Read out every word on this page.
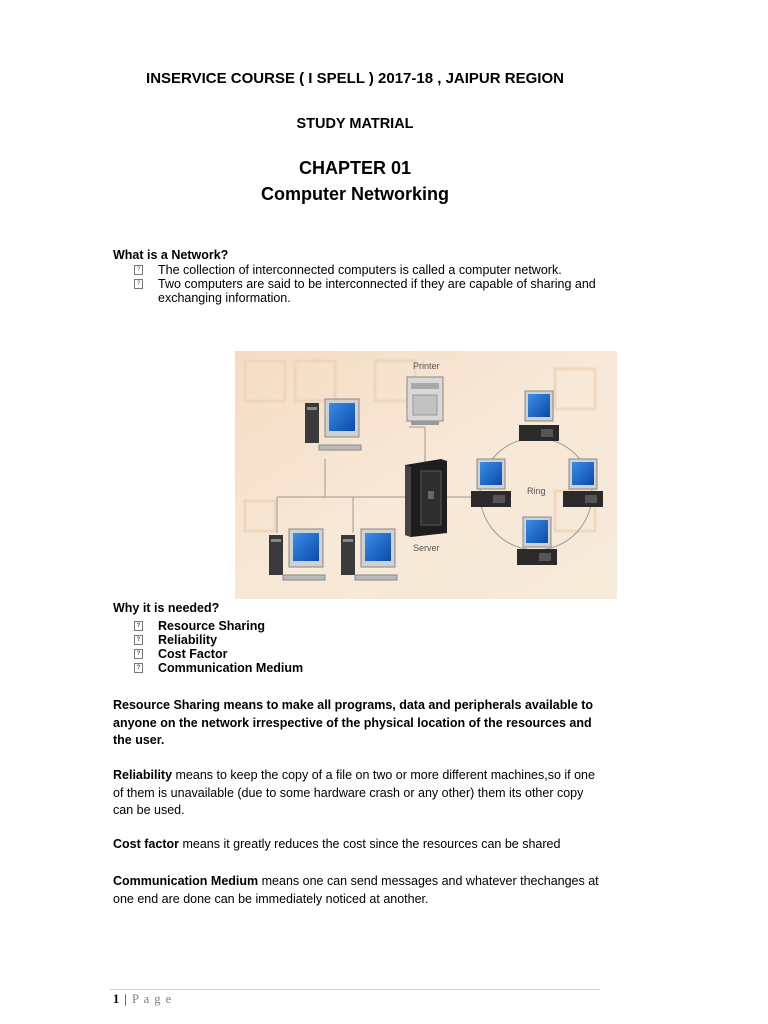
INSERVICE COURSE ( I SPELL ) 2017-18 , JAIPUR REGION
STUDY MATRIAL
CHAPTER 01
Computer Networking
What is a Network?
? The collection of interconnected computers is called a computer network.
? Two computers are said to be interconnected if they are capable of sharing and exchanging information.
Printer
Server
Ring
Why it is needed?
? Resource Sharing
? Reliability
? Cost Factor
? Communication Medium
Resource Sharing means to make all programs, data and peripherals available to anyone on the network irrespective of the physical location of the resources and the user.
Reliability means to keep the copy of a file on two or more different machines,so if one of them is unavailable (due to some hardware crash or any other) them its other copy can be used.
Cost factor means it greatly reduces the cost since the resources can be shared
Communication Medium means one can send messages and whatever thechanges at one end are done can be immediately noticed at another.
1 | P a g e
